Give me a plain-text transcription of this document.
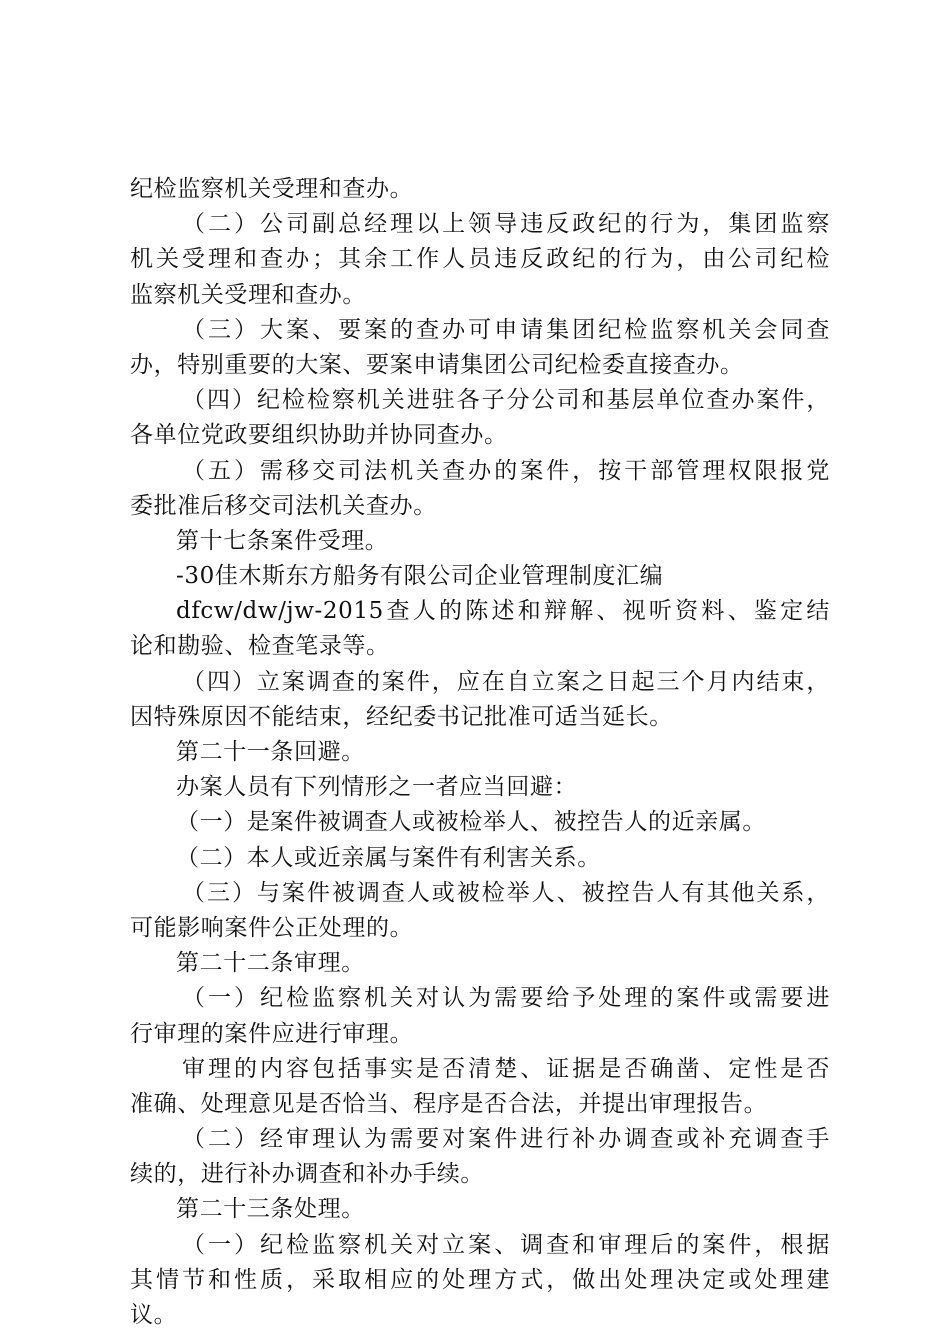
纪检监察机关受理和查办。
（二）公司副总经理以上领导违反政纪的行为，集团监察
机关受理和查办；其余工作人员违反政纪的行为，由公司纪检
监察机关受理和查办。
（三）大案、要案的查办可申请集团纪检监察机关会同查
办，特别重要的大案、要案申请集团公司纪检委直接查办。
（四）纪检检察机关进驻各子分公司和基层单位查办案件，
各单位党政要组织协助并协同查办。
（五）需移交司法机关查办的案件，按干部管理权限报党
委批准后移交司法机关查办。
第十七条案件受理。
-30佳木斯东方船务有限公司企业管理制度汇编
dfcw/dw/jw-2015查人的陈述和辩解、视听资料、鉴定结
论和勘验、检查笔录等。
（四）立案调查的案件，应在自立案之日起三个月内结束，
因特殊原因不能结束，经纪委书记批准可适当延长。
第二十一条回避。
办案人员有下列情形之一者应当回避：
（一）是案件被调查人或被检举人、被控告人的近亲属。
（二）本人或近亲属与案件有利害关系。
（三）与案件被调查人或被检举人、被控告人有其他关系，
可能影响案件公正处理的。
第二十二条审理。
（一）纪检监察机关对认为需要给予处理的案件或需要进
行审理的案件应进行审理。
审理的内容包括事实是否清楚、证据是否确凿、定性是否
准确、处理意见是否恰当、程序是否合法，并提出审理报告。
（二）经审理认为需要对案件进行补办调查或补充调查手
续的，进行补办调查和补办手续。
第二十三条处理。
（一）纪检监察机关对立案、调查和审理后的案件，根据
其情节和性质，采取相应的处理方式，做出处理决定或处理建
议。
